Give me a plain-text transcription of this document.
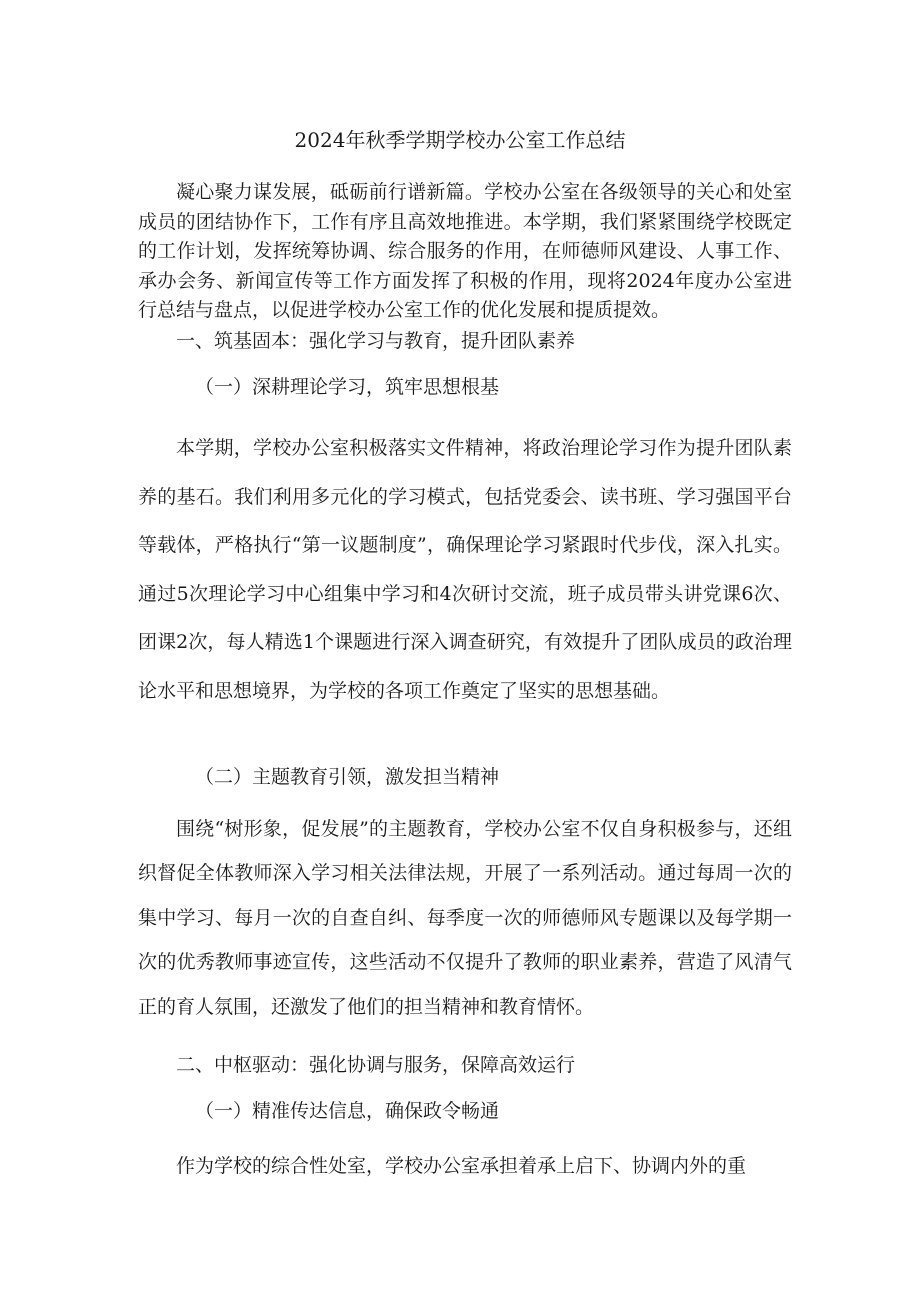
2024年秋季学期学校办公室工作总结

凝心聚力谋发展，砥砺前行谱新篇。学校办公室在各级领导的关心和处室成员的团结协作下，工作有序且高效地推进。本学期，我们紧紧围绕学校既定的工作计划，发挥统筹协调、综合服务的作用，在师德师风建设、人事工作、承办会务、新闻宣传等工作方面发挥了积极的作用，现将2024年度办公室进行总结与盘点，以促进学校办公室工作的优化发展和提质提效。

一、筑基固本：强化学习与教育，提升团队素养
（一）深耕理论学习，筑牢思想根基

本学期，学校办公室积极落实文件精神，将政治理论学习作为提升团队素养的基石。我们利用多元化的学习模式，包括党委会、读书班、学习强国平台等载体，严格执行“第一议题制度”，确保理论学习紧跟时代步伐，深入扎实。通过5次理论学习中心组集中学习和4次研讨交流，班子成员带头讲党课6次、团课2次，每人精选1个课题进行深入调查研究，有效提升了团队成员的政治理论水平和思想境界，为学校的各项工作奠定了坚实的思想基础。

（二）主题教育引领，激发担当精神

围绕“树形象，促发展”的主题教育，学校办公室不仅自身积极参与，还组织督促全体教师深入学习相关法律法规，开展了一系列活动。通过每周一次的集中学习、每月一次的自查自纠、每季度一次的师德师风专题课以及每学期一次的优秀教师事迹宣传，这些活动不仅提升了教师的职业素养，营造了风清气正的育人氛围，还激发了他们的担当精神和教育情怀。

二、中枢驱动：强化协调与服务，保障高效运行
（一）精准传达信息，确保政令畅通

作为学校的综合性处室，学校办公室承担着承上启下、协调内外的重
